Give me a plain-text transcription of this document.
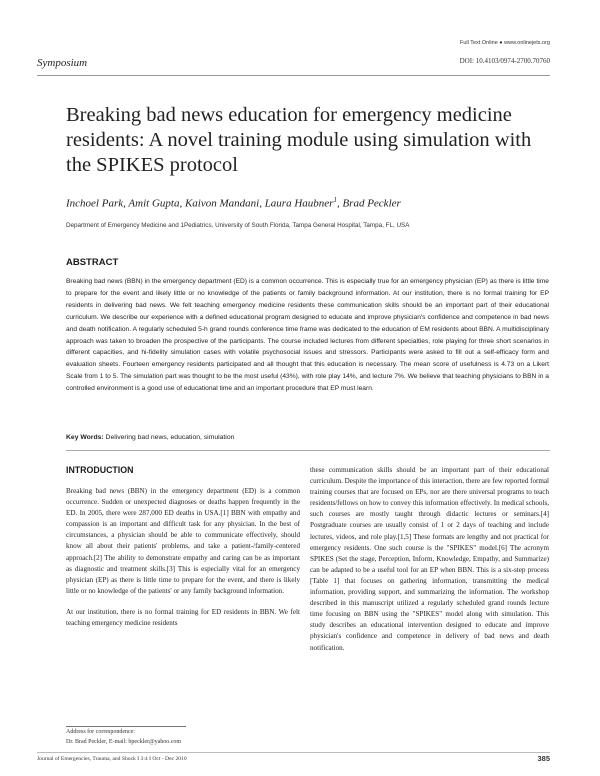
Full Text Online ● www.onlinejets.org
Symposium	DOI: 10.4103/0974-2700.70760
Breaking bad news education for emergency medicine residents: A novel training module using simulation with the SPIKES protocol
Inchoel Park, Amit Gupta, Kaivon Mandani, Laura Haubner$^1$, Brad Peckler
Department of Emergency Medicine and 1Pediatrics, University of South Florida, Tampa General Hospital, Tampa, FL, USA
ABSTRACT
Breaking bad news (BBN) in the emergency department (ED) is a common occurrence. This is especially true for an emergency physician (EP) as there is little time to prepare for the event and likely little or no knowledge of the patients or family background information. At our institution, there is no formal training for EP residents in delivering bad news. We felt teaching emergency medicine residents these communication skills should be an important part of their educational curriculum. We describe our experience with a defined educational program designed to educate and improve physician's confidence and competence in bad news and death notification. A regularly scheduled 5-h grand rounds conference time frame was dedicated to the education of EM residents about BBN. A multidisciplinary approach was taken to broaden the prospective of the participants. The course included lectures from different specialties, role playing for three short scenarios in different capacities, and hi-fidelity simulation cases with volatile psychosocial issues and stressors. Participants were asked to fill out a self-efficacy form and evaluation sheets. Fourteen emergency residents participated and all thought that this education is necessary. The mean score of usefulness is 4.73 on a Likert Scale from 1 to 5. The simulation part was thought to be the most useful (43%), with role play 14%, and lecture 7%. We believe that teaching physicians to BBN in a controlled environment is a good use of educational time and an important procedure that EP must learn.
Key Words: Delivering bad news, education, simulation
INTRODUCTION

Breaking bad news (BBN) in the emergency department (ED) is a common occurrence. Sudden or unexpected diagnoses or deaths happen frequently in the ED. In 2005, there were 287,000 ED deaths in USA.[1] BBN with empathy and compassion is an important and difficult task for any physician. In the best of circumstances, a physician should be able to communicate effectively, should know all about their patients' problems, and take a patient-/family-centered approach.[2] The ability to demonstrate empathy and caring can be as important as diagnostic and treatment skills.[3] This is especially vital for an emergency physician (EP) as there is little time to prepare for the event, and there is likely little or no knowledge of the patients' or any family background information.

At our institution, there is no formal training for ED residents in BBN. We felt teaching emergency medicine residents

these communication skills should be an important part of their educational curriculum. Despite the importance of this interaction, there are few reported formal training courses that are focused on EPs, nor are there universal programs to teach residents/fellows on how to convey this information effectively. In medical schools, such courses are mostly taught through didactic lectures or seminars.[4] Postgraduate courses are usually consist of 1 or 2 days of teaching and include lectures, videos, and role play.[1,5] These formats are lengthy and not practical for emergency residents. One such course is the "SPIKES" model.[6] The acronym SPIKES (Set the stage, Perception, Inform, Knowledge, Empathy, and Summarize) can be adapted to be a useful tool for an EP when BBN. This is a six-step process [Table 1] that focuses on gathering information, transmitting the medical information, providing support, and summarizing the information. The workshop described in this manuscript utilized a regularly scheduled grand rounds lecture time focusing on BBN using the "SPIKES" model along with simulation. This study describes an educational intervention designed to educate and improve physician's confidence and competence in delivery of bad news and death notification.

Address for correspondence:
Dr. Brad Peckler, E-mail: bpeckler@yahoo.com
Journal of Emergencies, Trauma, and Shock I 3:4 I Oct - Dec 2010	385
